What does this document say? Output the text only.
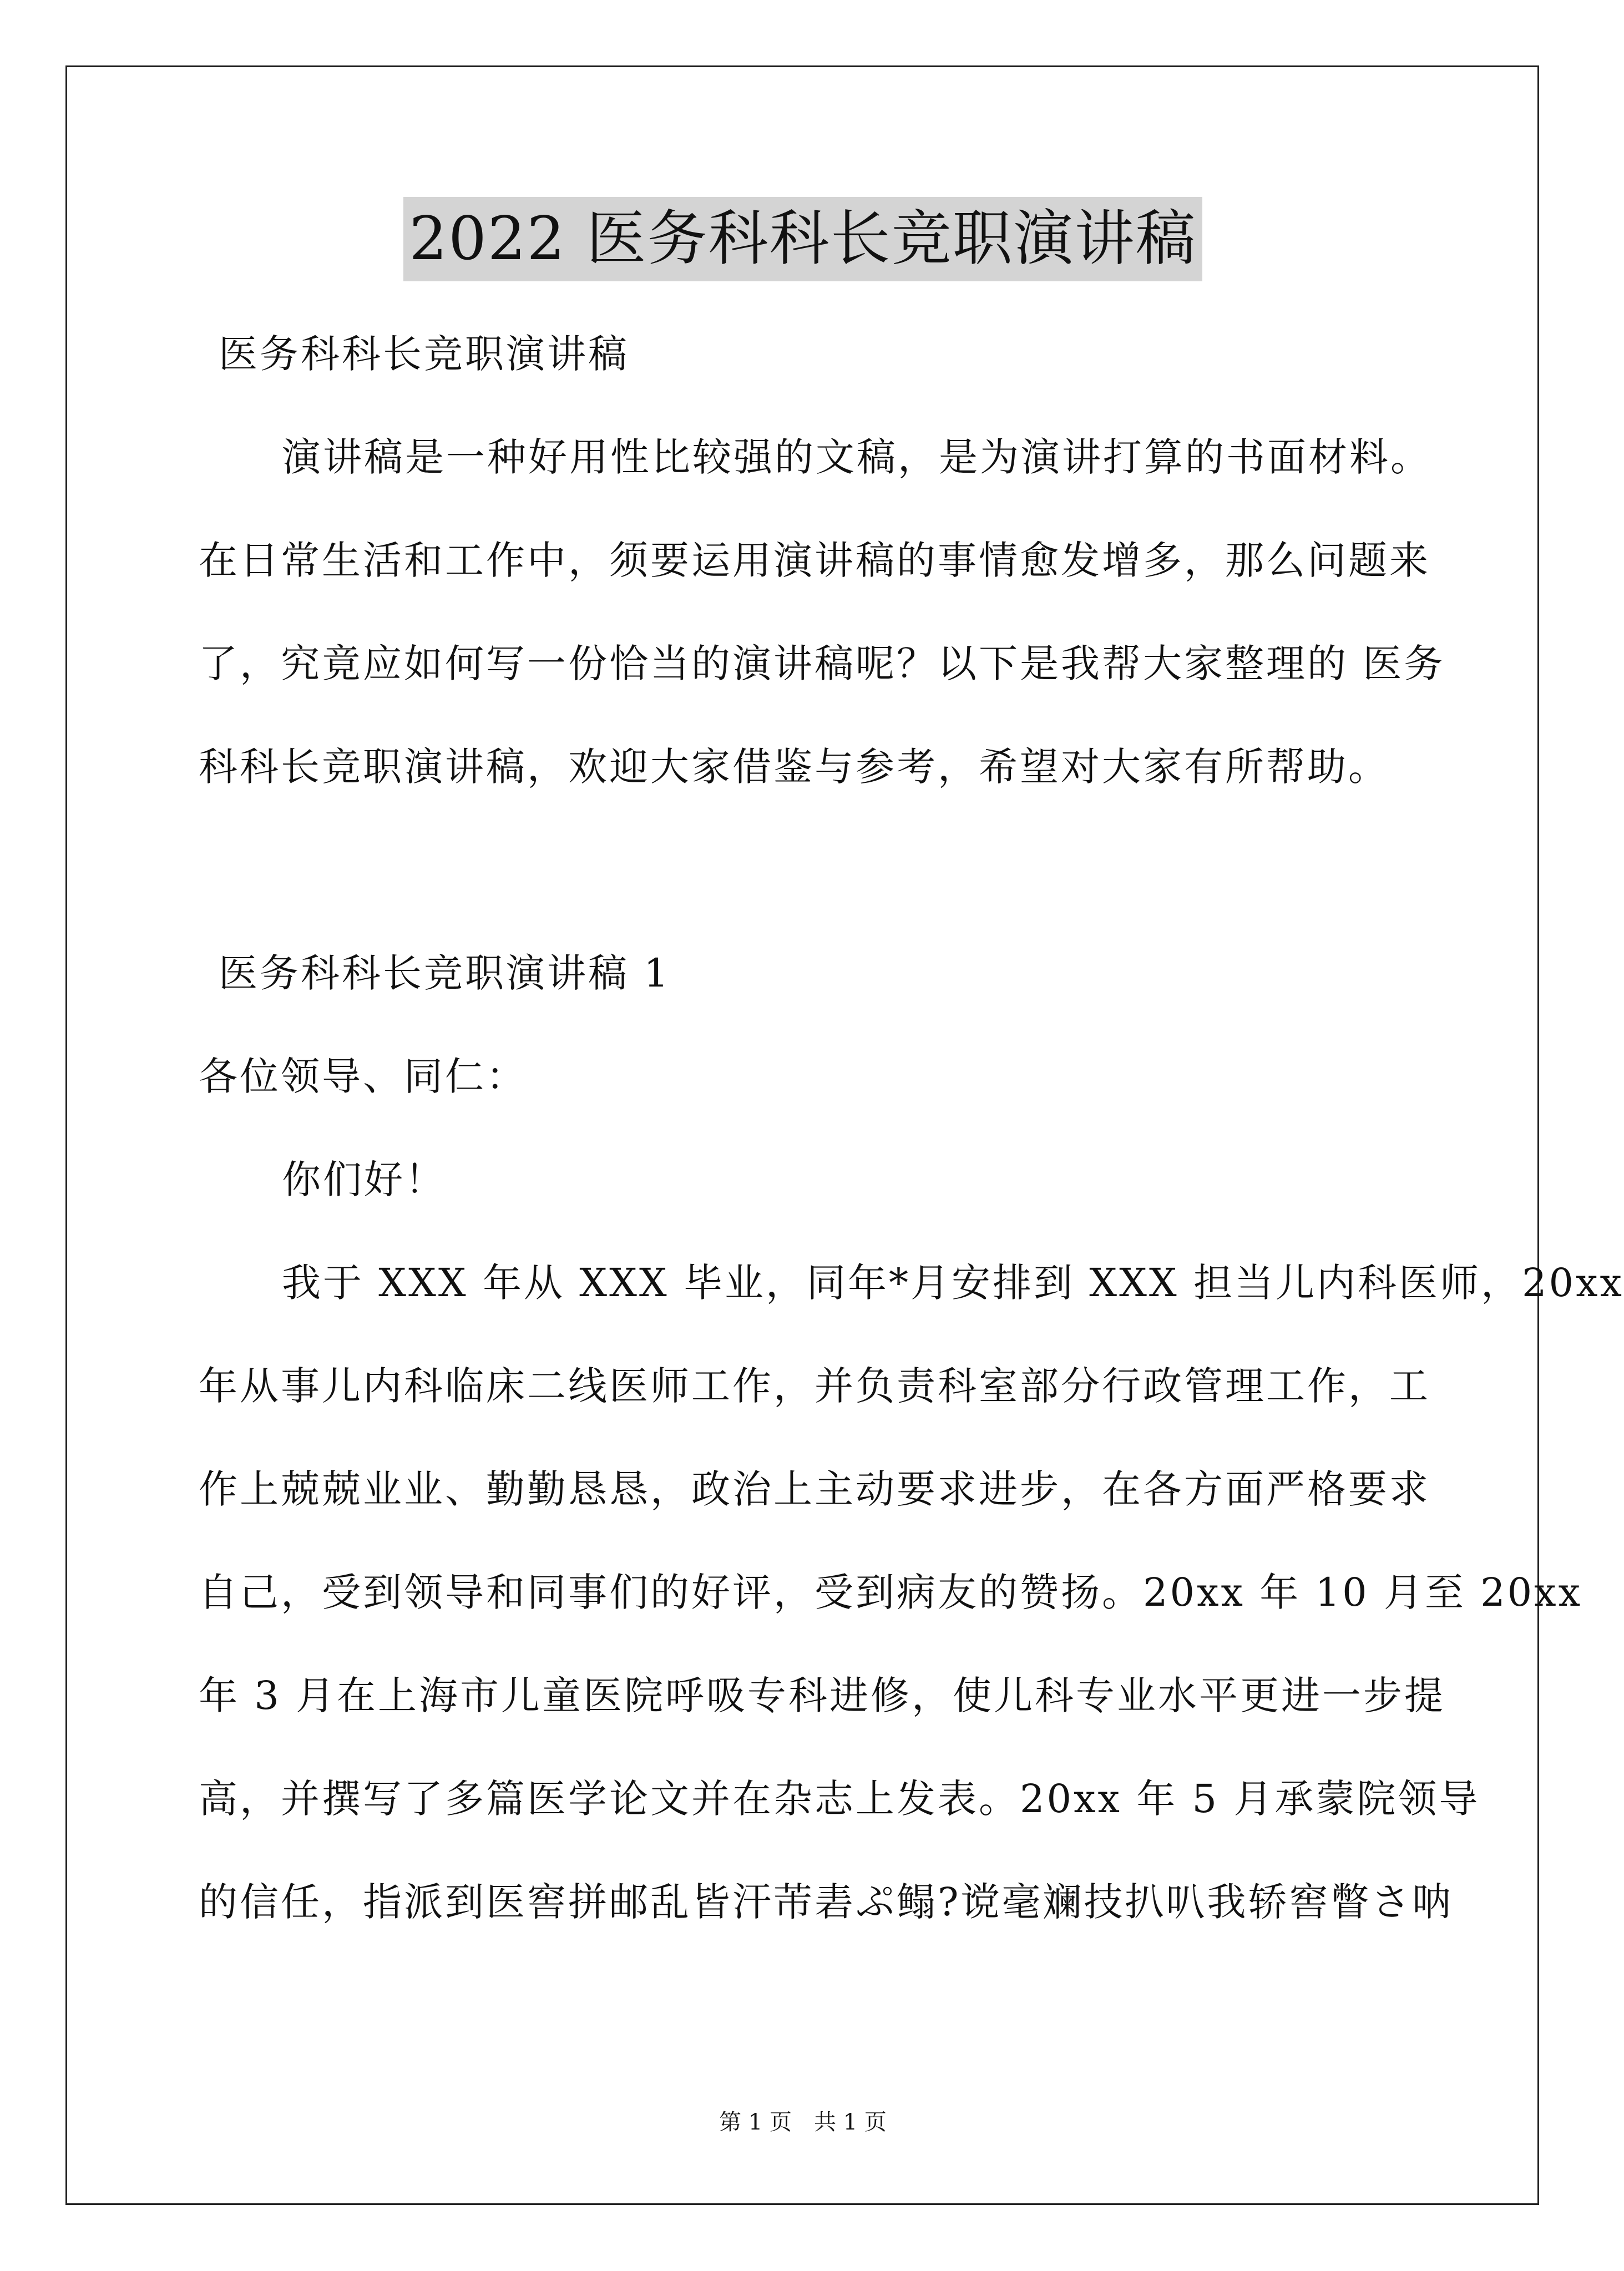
2022 医务科科长竞职演讲稿
医务科科长竞职演讲稿
演讲稿是一种好用性比较强的文稿，是为演讲打算的书面材料。
在日常生活和工作中，须要运用演讲稿的事情愈发增多，那么问题来
了，究竟应如何写一份恰当的演讲稿呢？以下是我帮大家整理的 医务
科科长竞职演讲稿，欢迎大家借鉴与参考，希望对大家有所帮助。
医务科科长竞职演讲稿 1
各位领导、同仁：
你们好！
我于 XXX 年从 XXX 毕业，同年*月安排到 XXX 担当儿内科医师，20xx
年从事儿内科临床二线医师工作，并负责科室部分行政管理工作，工
作上兢兢业业、勤勤恳恳，政治上主动要求进步，在各方面严格要求
自己，受到领导和同事们的好评，受到病友的赞扬。20xx 年 10 月至 20xx
年 3 月在上海市儿童医院呼吸专科进修，使儿科专业水平更进一步提
高，并撰写了多篇医学论文并在杂志上发表。20xx 年 5 月承蒙院领导
的信任，指派到医窖拼邮乱皆汗芾砉ぷ鳎?谠毫斓技扒叭我轿窖瞥さ呐
第 1 页　共 1 页
